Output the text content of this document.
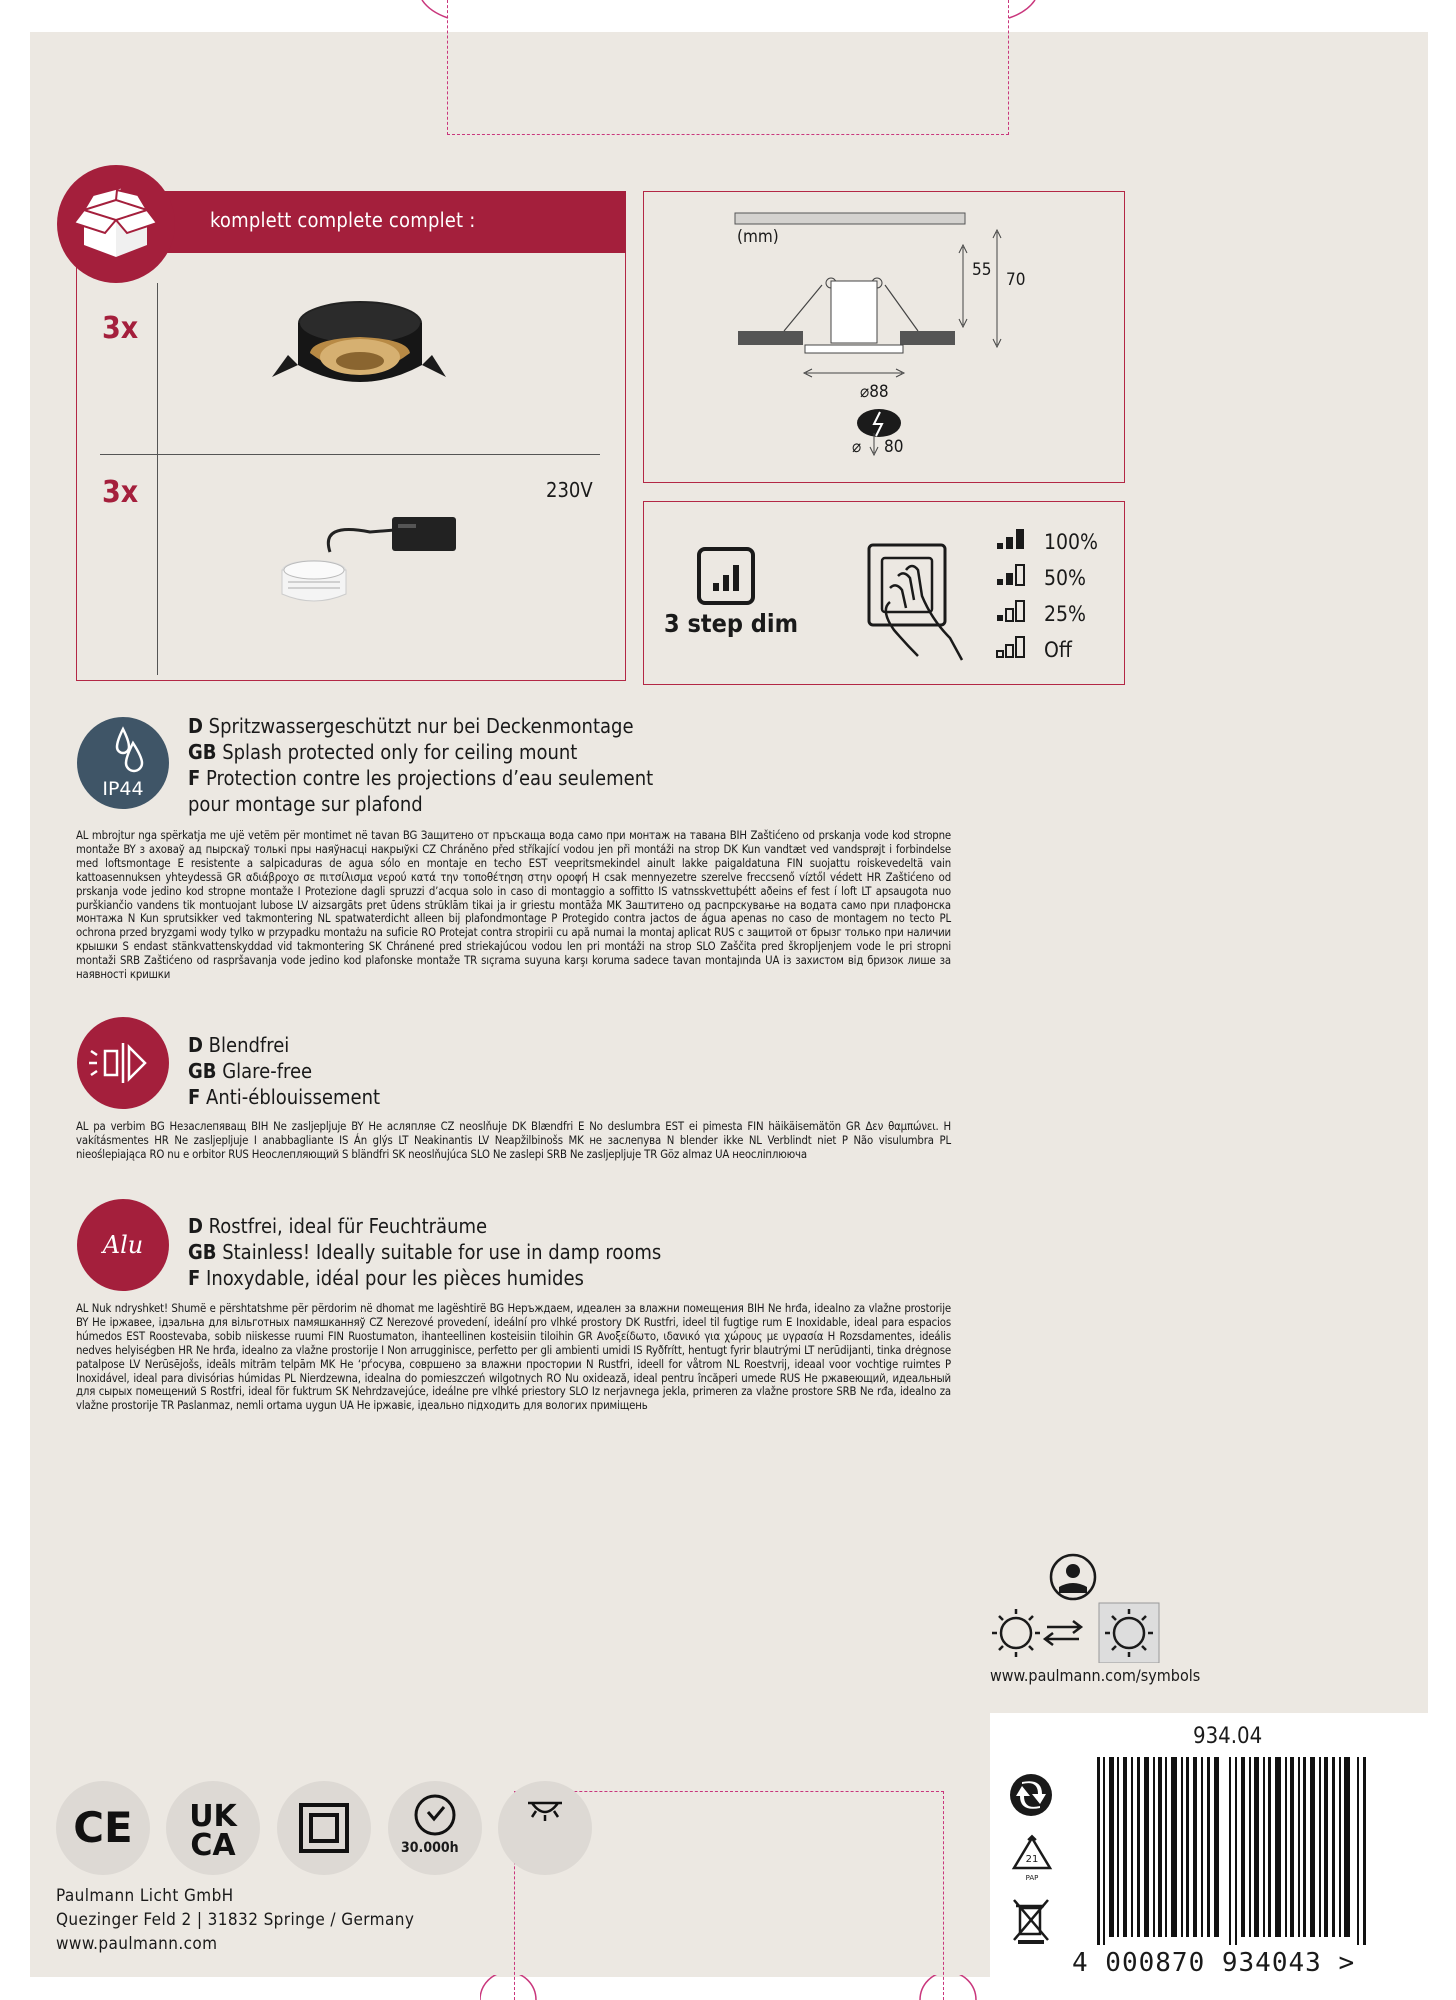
komplett complete complet :
3x
3x	230V
(mm)
55 70
⌀88
⌀ 80
3 step dim
100%
50%
25%
Off
IP44
D Spritzwassergeschützt nur bei Deckenmontage
GB Splash protected only for ceiling mount
F Protection contre les projections d’eau seulement
pour montage sur plafond
AL mbrojtur nga spërkatja me ujë vetëm për montimet në tavan BG Защитено от пръскаща вода само при монтаж на тавана BIH Zaštićeno od prskanja vode kod stropne montaže BY з аховаў ад пырскаў толькі пры наяўнасці накрыўкі CZ Chráněno před stříkající vodou jen při montáži na strop DK Kun vandtæt ved vandsprøjt i forbindelse med loftsmontage E resistente a salpicaduras de agua sólo en montaje en techo EST veepritsmekindel ainult lakke paigaldatuna FIN suojattu roiskevedeltä vain kattoasennuksen yhteydessä GR αδιάβροχο σε πιτσίλισμα νερού κατά την τοποθέτηση στην οροφή H csak mennyezetre szerelve freccsenő víztől védett HR Zaštićeno od prskanja vode jedino kod stropne montaže I Protezione dagli spruzzi d’acqua solo in caso di montaggio a soffitto IS vatnsskvettuþétt aðeins ef fest í loft LT apsaugota nuo purškiančio vandens tik montuojant lubose LV aizsargāts pret ūdens strūklām tikai ja ir griestu montāža MK Заштитено од распрскување на водата само при плафонска монтажа N Kun sprutsikker ved takmontering NL spatwaterdicht alleen bij plafondmontage P Protegido contra jactos de água apenas no caso de montagem no tecto PL ochrona przed bryzgami wody tylko w przypadku montażu na suficie RO Protejat contra stropirii cu apă numai la montaj aplicat RUS с защитой от брызг только при наличии крышки S endast stänkvattenskyddad vid takmontering SK Chránené pred striekajúcou vodou len pri montáži na strop SLO Zaščita pred škropljenjem vode le pri stropni montaži SRB Zaštićeno od raspršavanja vode jedino kod plafonske montaže TR sıçrama suyuna karşı koruma sadece tavan montajında UA із захистом від бризок лише за наявності кришки
D Blendfrei
GB Glare-free
F Anti-éblouissement
AL pa verbim BG Незаслепяващ BIH Ne zasljepljuje BY Не асляпляе CZ neoslňuje DK Blændfri E No deslumbra EST ei pimesta FIN häikäisemätön GR Δεν θαμπώνει. H vakításmentes HR Ne zasljepljuje I anabbagliante IS Án glýs LT Neakinantis LV Neapžilbinošs MK не заслепува N blender ikke NL Verblindt niet P Não visulumbra PL nieoślepiająca RO nu e orbitor RUS Неослепляющий S bländfri SK neoslňujúca SLO Ne zaslepi SRB Ne zasljepljuje TR Göz almaz UA неосліплююча
Alu
D Rostfrei, ideal für Feuchträume
GB Stainless! Ideally suitable for use in damp rooms
F Inoxydable, idéal pour les pièces humides
AL Nuk ndryshket! Shumë e përshtatshme për përdorim në dhomat me lagështirë BG Неръждаем, идеален за влажни помещения BIH Ne hrđa, idealno za vlažne prostorije BY Не іржавее, ідэальна для вільготных памяшканняў CZ Nerezové provedení, ideální pro vlhké prostory DK Rustfri, ideel til fugtige rum E Inoxidable, ideal para espacios húmedos EST Roostevaba, sobib niiskesse ruumi FIN Ruostumaton, ihanteellinen kosteisiin tiloihin GR Ανοξείδωτο, ιδανικό για χώρους με υγρασία H Rozsdamentes, ideális nedves helyiségben HR Ne hrđa, idealno za vlažne prostorije I Non arrugginisce, perfetto per gli ambienti umidi IS Ryðfrítt, hentugt fyrir blautrými LT nerūdijanti, tinka drėgnose patalpose LV Nerūsējošs, ideāls mitrām telpām MK Не ‘рѓосува, совршено за влажни простории N Rustfri, ideell for våtrom NL Roestvrij, ideaal voor vochtige ruimtes P Inoxidável, ideal para divisórias húmidas PL Nierdzewna, idealna do pomieszczeń wilgotnych RO Nu oxidează, ideal pentru încăperi umede RUS Не ржавеющий, идеальный для сырых помещений S Rostfri, ideal för fuktrum SK Nehrdzavejúce, ideálne pre vlhké priestory SLO Iz nerjavnega jekla, primeren za vlažne prostore SRB Ne rđa, idealno za vlažne prostorije TR Paslanmaz, nemli ortama uygun UA Не іржавіє, ідеально підходить для вологих приміщень
www.paulmann.com/symbols
934.04
4 000870 934043 >
21
PAP
CE UK
CA	30.000h
Paulmann Licht GmbH
Quezinger Feld 2 | 31832 Springe / Germany
www.paulmann.com
